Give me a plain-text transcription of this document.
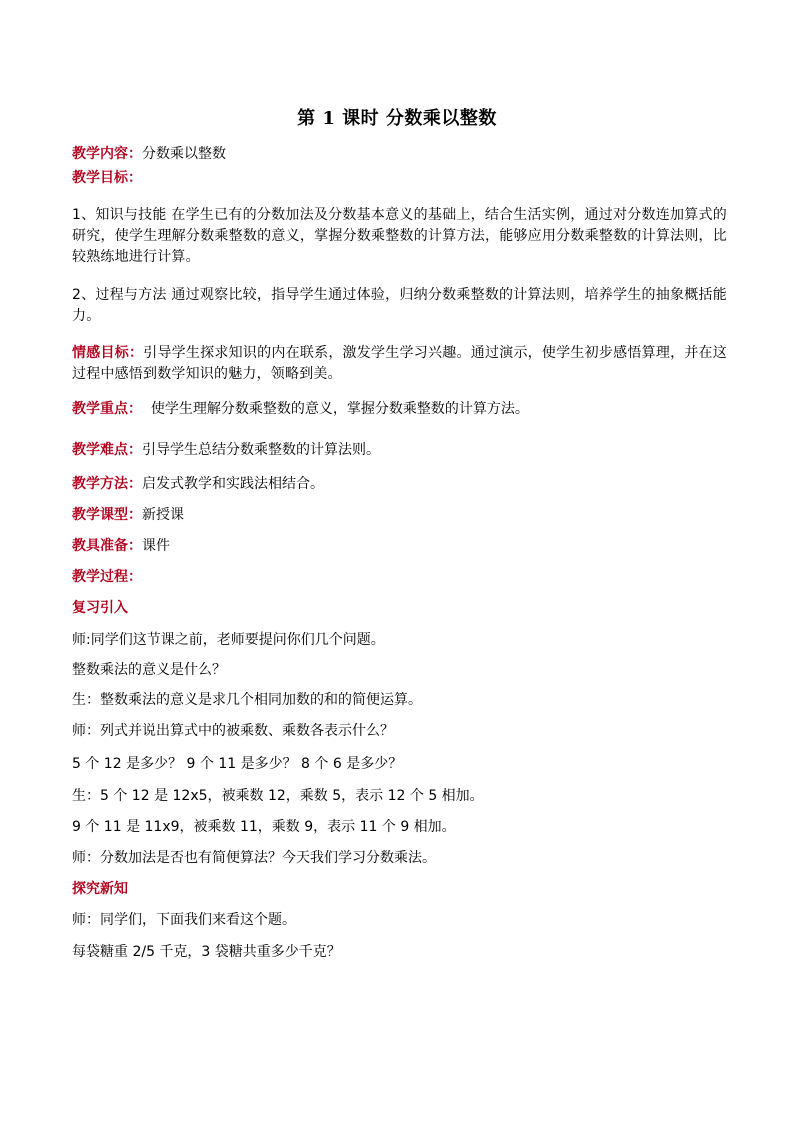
第 1 课时 分数乘以整数

教学内容：分数乘以整数

教学目标：

1、知识与技能 在学生已有的分数加法及分数基本意义的基础上，结合生活实例，通过对分数连加算式的研究，使学生理解分数乘整数的意义，掌握分数乘整数的计算方法，能够应用分数乘整数的计算法则，比较熟练地进行计算。

2、过程与方法 通过观察比较，指导学生通过体验，归纳分数乘整数的计算法则，培养学生的抽象概括能力。

情感目标：引导学生探求知识的内在联系，激发学生学习兴趣。通过演示，使学生初步感悟算理，并在这过程中感悟到数学知识的魅力，领略到美。

教学重点：  使学生理解分数乘整数的意义，掌握分数乘整数的计算方法。

教学难点：引导学生总结分数乘整数的计算法则。

教学方法：启发式教学和实践法相结合。

教学课型：新授课

教具准备：课件

教学过程：

复习引入

师:同学们这节课之前，老师要提问你们几个问题。

整数乘法的意义是什么？

生：整数乘法的意义是求几个相同加数的和的简便运算。

师：列式并说出算式中的被乘数、乘数各表示什么？

5 个 12 是多少？ 9 个 11 是多少？ 8 个 6 是多少？

生：5 个 12 是 12x5，被乘数 12，乘数 5，表示 12 个 5 相加。

9 个 11 是 11x9，被乘数 11，乘数 9，表示 11 个 9 相加。

师：分数加法是否也有简便算法？今天我们学习分数乘法。

探究新知

师：同学们，下面我们来看这个题。

每袋糖重 2/5 千克，3 袋糖共重多少千克？
